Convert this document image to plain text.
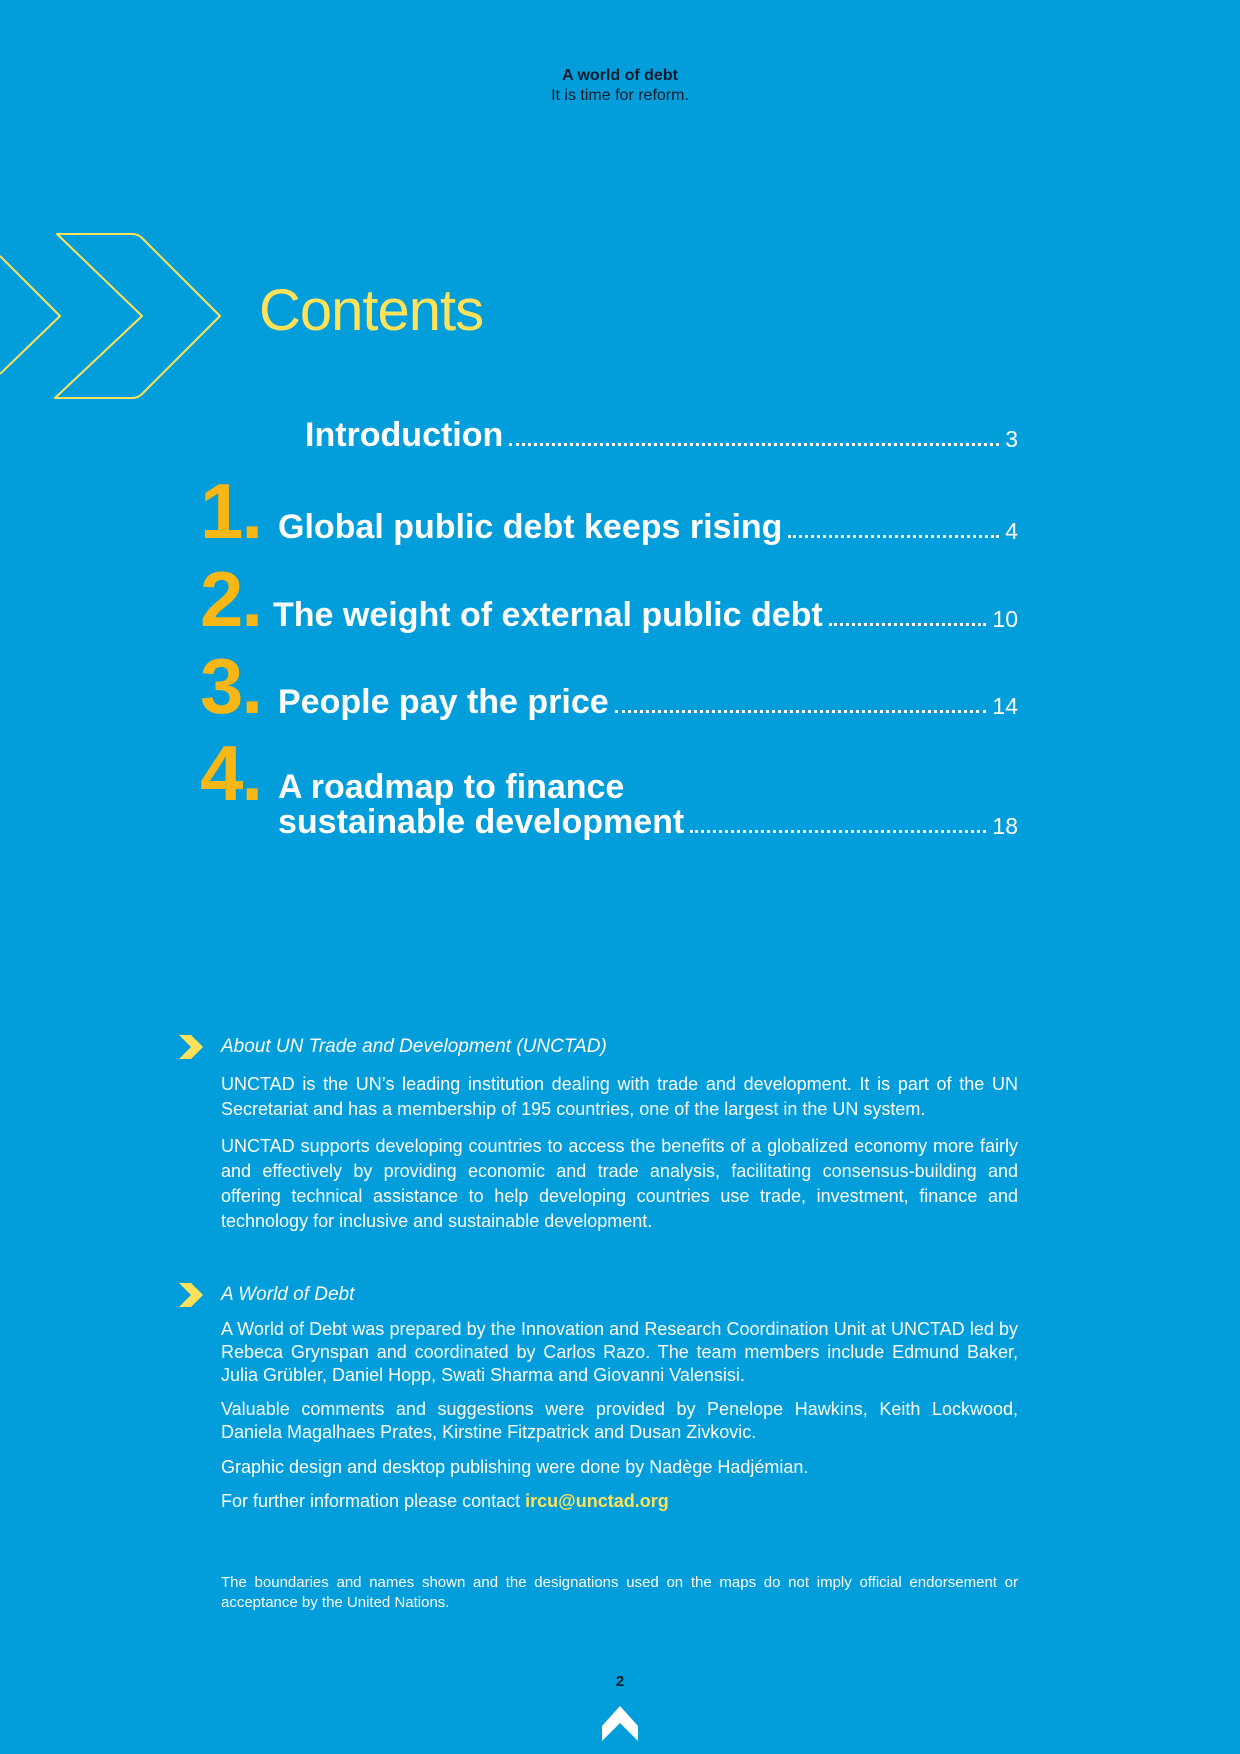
A world of debt
It is time for reform.
Contents
Introduction	3
1. Global public debt keeps rising	4
2. The weight of external public debt	10
3. People pay the price	14
4. A roadmap to finance
sustainable development	18
About UN Trade and Development (UNCTAD)

UNCTAD is the UN’s leading institution dealing with trade and development. It is part of the UN Secretariat and has a membership of 195 countries, one of the largest in the UN system.

UNCTAD supports developing countries to access the benefits of a globalized economy more fairly and effectively by providing economic and trade analysis, facilitating consensus-building and offering technical assistance to help developing countries use trade, investment, finance and technology for inclusive and sustainable development.

A World of Debt

A World of Debt was prepared by the Innovation and Research Coordination Unit at UNCTAD led by Rebeca Grynspan and coordinated by Carlos Razo. The team members include Edmund Baker, Julia Grübler, Daniel Hopp, Swati Sharma and Giovanni Valensisi.

Valuable comments and suggestions were provided by Penelope Hawkins, Keith Lockwood, Daniela Magalhaes Prates, Kirstine Fitzpatrick and Dusan Zivkovic.

Graphic design and desktop publishing were done by Nadège Hadjémian.

For further information please contact ircu@unctad.org

The boundaries and names shown and the designations used on the maps do not imply official endorsement or acceptance by the United Nations.
2
